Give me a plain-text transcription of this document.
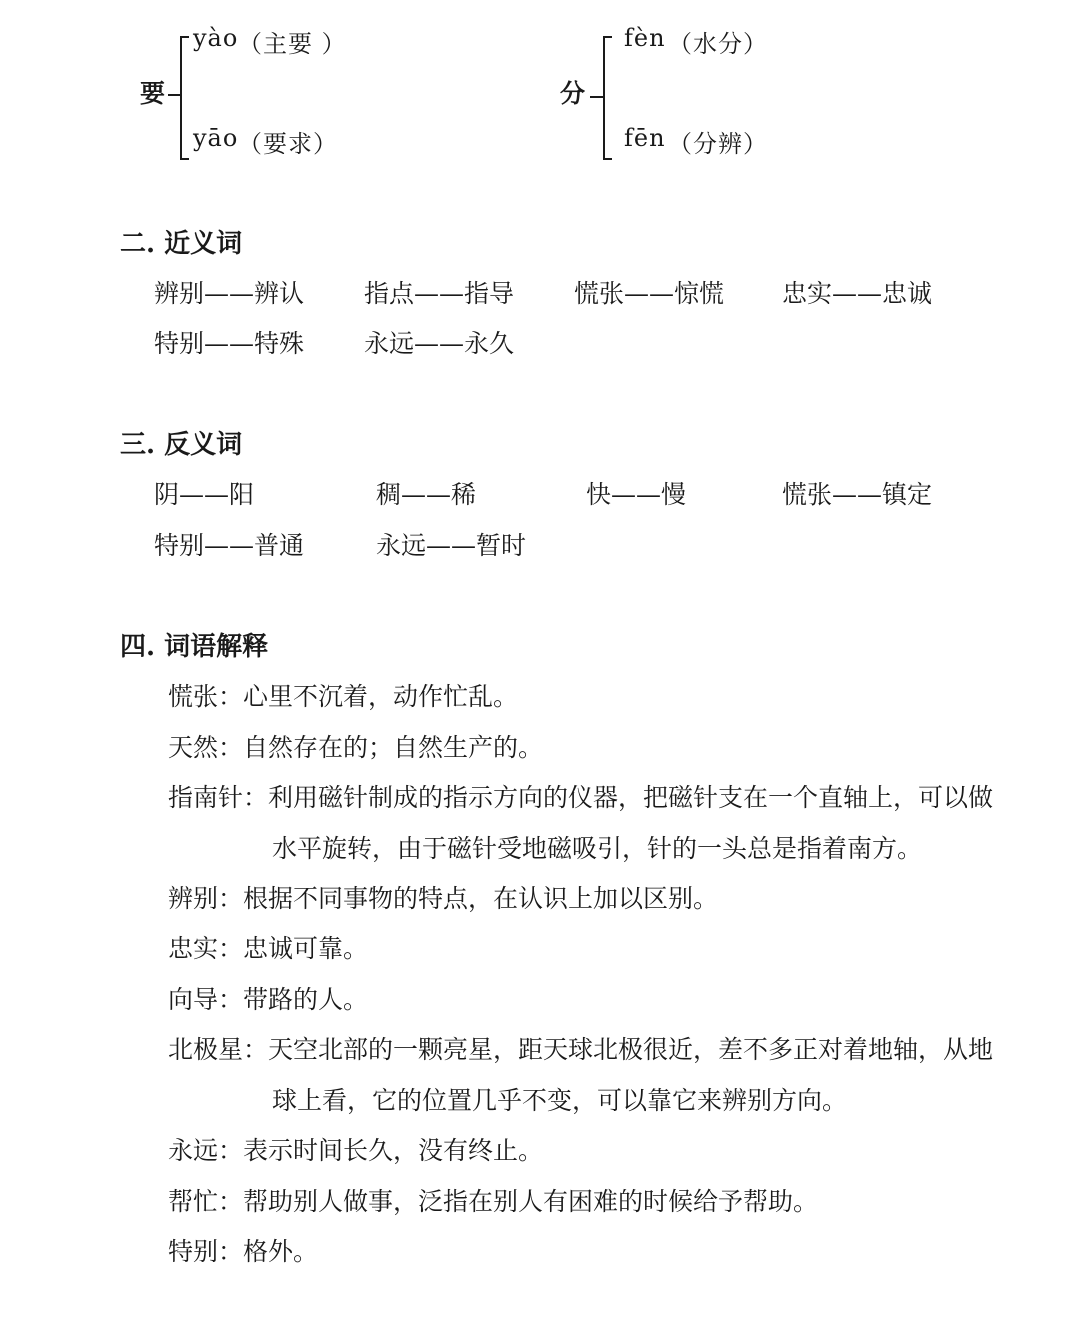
要
yào （主要 ）
yāo （要求）
分
fèn （水分）
fēn （分辨）
二. 近义词
辨别——辨认 指点——指导 慌张——惊慌 忠实——忠诚
特别——特殊 永远——永久
三. 反义词
阴——阳	稠——稀	快——慢	慌张——镇定
特别——普通	永远——暂时
四. 词语解释
慌张：心里不沉着，动作忙乱。
天然：自然存在的；自然生产的。
指南针：利用磁针制成的指示方向的仪器，把磁针支在一个直轴上，可以做
水平旋转，由于磁针受地磁吸引，针的一头总是指着南方。
辨别：根据不同事物的特点，在认识上加以区别。
忠实：忠诚可靠。
向导：带路的人。
北极星：天空北部的一颗亮星，距天球北极很近，差不多正对着地轴，从地
球上看，它的位置几乎不变，可以靠它来辨别方向。
永远：表示时间长久，没有终止。
帮忙：帮助别人做事，泛指在别人有困难的时候给予帮助。
特别：格外。
